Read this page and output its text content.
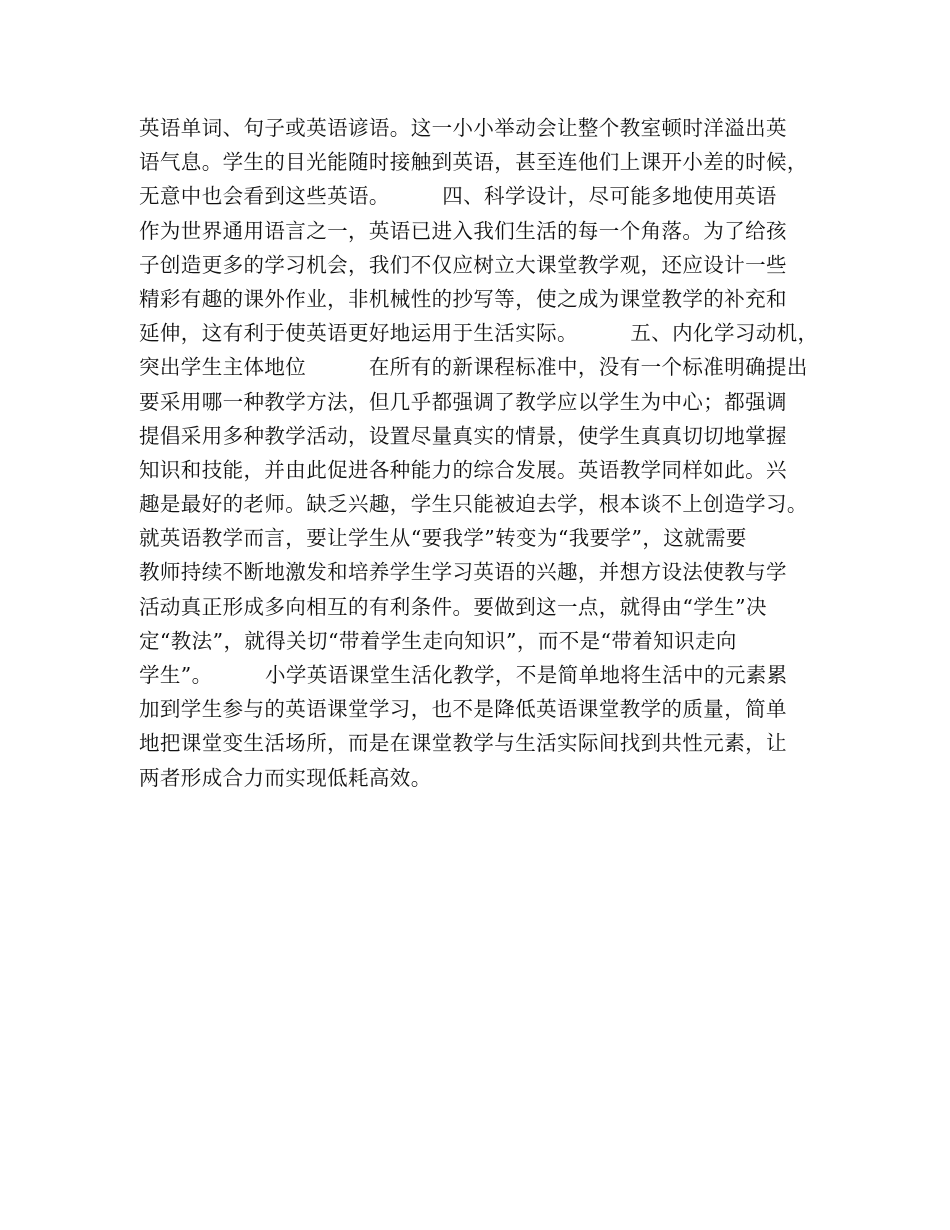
英语单词、句子或英语谚语。这一小小举动会让整个教室顿时洋溢出英
语气息。学生的目光能随时接触到英语，甚至连他们上课开小差的时候，
无意中也会看到这些英语。　　　四、科学设计，尽可能多地使用英语
作为世界通用语言之一，英语已进入我们生活的每一个角落。为了给孩
子创造更多的学习机会，我们不仅应树立大课堂教学观，还应设计一些
精彩有趣的课外作业，非机械性的抄写等，使之成为课堂教学的补充和
延伸，这有利于使英语更好地运用于生活实际。　　　五、内化学习动机，
突出学生主体地位　　　在所有的新课程标准中，没有一个标准明确提出
要采用哪一种教学方法，但几乎都强调了教学应以学生为中心；都强调
提倡采用多种教学活动，设置尽量真实的情景，使学生真真切切地掌握
知识和技能，并由此促进各种能力的综合发展。英语教学同样如此。兴
趣是最好的老师。缺乏兴趣，学生只能被迫去学，根本谈不上创造学习。
就英语教学而言，要让学生从“要我学”转变为“我要学”，这就需要
教师持续不断地激发和培养学生学习英语的兴趣，并想方设法使教与学
活动真正形成多向相互的有利条件。要做到这一点，就得由“学生”决
定“教法”，就得关切“带着学生走向知识”，而不是“带着知识走向
学生”。　　　小学英语课堂生活化教学，不是简单地将生活中的元素累
加到学生参与的英语课堂学习，也不是降低英语课堂教学的质量，简单
地把课堂变生活场所，而是在课堂教学与生活实际间找到共性元素，让
两者形成合力而实现低耗高效。
